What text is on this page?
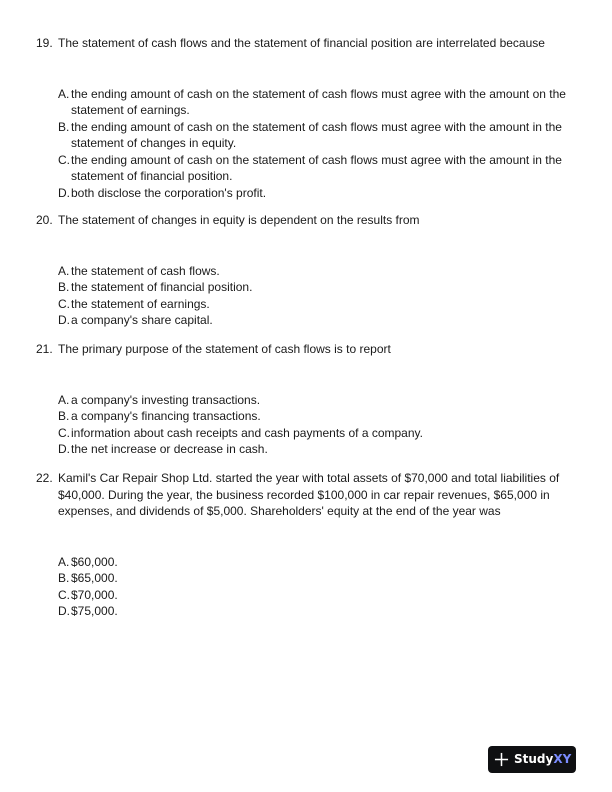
19. The statement of cash flows and the statement of financial position are interrelated because
A. the ending amount of cash on the statement of cash flows must agree with the amount on the statement of earnings.
B. the ending amount of cash on the statement of cash flows must agree with the amount in the statement of changes in equity.
C. the ending amount of cash on the statement of cash flows must agree with the amount in the statement of financial position.
D. both disclose the corporation's profit.
20. The statement of changes in equity is dependent on the results from
A. the statement of cash flows.
B. the statement of financial position.
C. the statement of earnings.
D. a company's share capital.
21. The primary purpose of the statement of cash flows is to report
A. a company's investing transactions.
B. a company's financing transactions.
C. information about cash receipts and cash payments of a company.
D. the net increase or decrease in cash.
22. Kamil's Car Repair Shop Ltd. started the year with total assets of $70,000 and total liabilities of $40,000. During the year, the business recorded $100,000 in car repair revenues, $65,000 in expenses, and dividends of $5,000. Shareholders' equity at the end of the year was
A. $60,000.
B. $65,000.
C. $70,000.
D. $75,000.
Study XY
